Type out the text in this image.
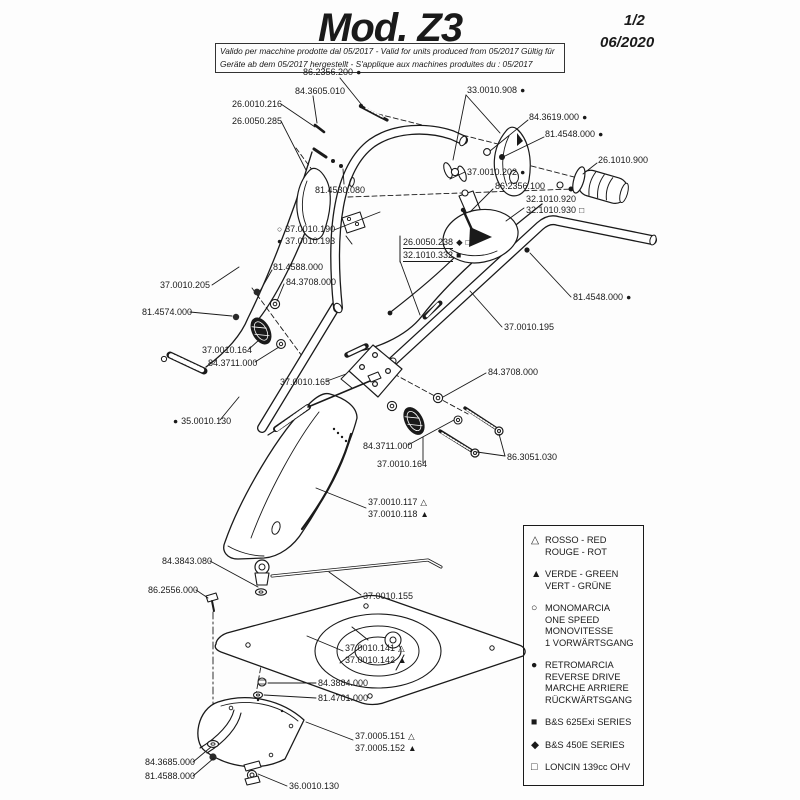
Mod. Z3	1/2
06/2020
Valido per macchine prodotte dal 05/2017 - Valid for units produced from 05/2017 Gültig für
Geräte ab dem 05/2017 hergestellt - S'applique aux machines produites du : 05/2017
86.2356.200 ●
84.3605.010
26.0010.216
26.0050.285
33.0010.908 ●
84.3619.000 ●
81.4548.000 ●
26.1010.900
37.0010.202 ●
86.2356.100
32.1010.920
32.1010.930 □
81.4530.080
○ 37.0010.190
● 37.0010.193	26.0050.238 ◆ □
32.1010.332 ■
81.4588.000
84.3708.000
37.0010.205
81.4574.000
37.0010.164
84.3711.000
37.0010.165
● 35.0010.130
37.0010.195
81.4548.000 ●
84.3708.000
84.3711.000
37.0010.164
86.3051.030
37.0010.117 △
37.0010.118 ▲
37.0010.155
84.3843.080
86.2556.000
37.0010.141 △
37.0010.142 ▲
84.3884.000
81.4701.000
37.0005.151 △
37.0005.152 ▲
84.3685.000
81.4588.000
36.0010.130
△ ROSSO - RED
ROUGE - ROT
▲ VERDE - GREEN
VERT - GRÜNE
○ MONOMARCIA
ONE SPEED
MONOVITESSE
1 VORWÄRTSGANG
● RETROMARCIA
REVERSE DRIVE
MARCHE ARRIERE
RÜCKWÄRTSGANG
■ B&S 625Exi SERIES
◆ B&S 450E SERIES
□ LONCIN 139cc OHV
